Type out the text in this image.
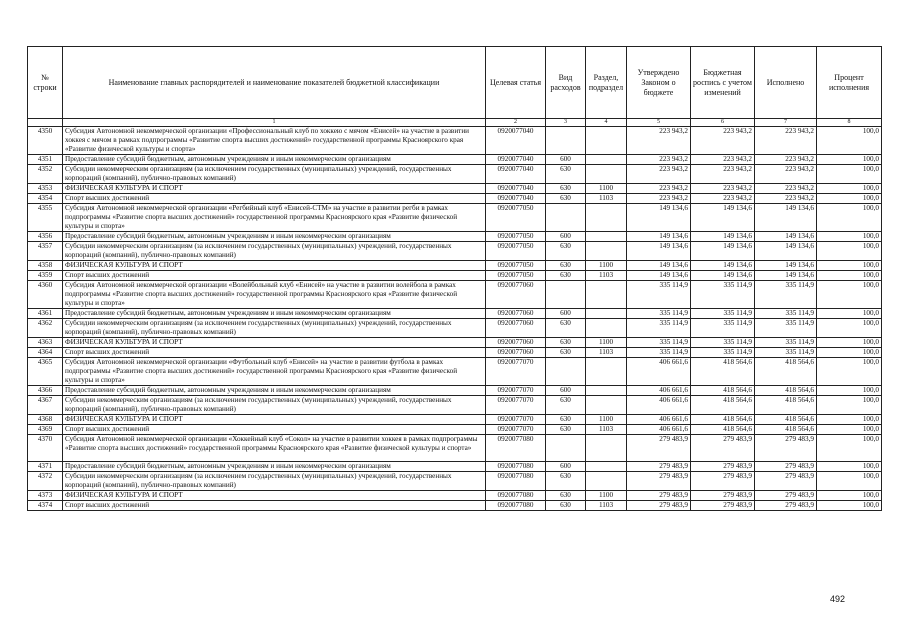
№ строки	Наименование главных распорядителей и наименование показателей бюджетной классификации	Целевая статья	Вид расходов	Раздел, подраздел	Утверждено Законом о бюджете	Бюджетная роспись с учетом изменений	Исполнено	Процент исполнения
	1	2	3	4	5	6	7	8
4350	Субсидия Автономной некоммерческой организации «Профессиональный клуб по хоккею с мячом «Енисей» на участие в развитии хоккея с мячом в рамках подпрограммы «Развитие спорта высших достижений» государственной программы Красноярского края «Развитие физической культуры и спорта»	0920077040			223 943,2	223 943,2	223 943,2	100,0
4351	Предоставление субсидий бюджетным, автономным учреждениям и иным некоммерческим организациям	0920077040	600		223 943,2	223 943,2	223 943,2	100,0
4352	Субсидии некоммерческим организациям (за исключением государственных (муниципальных) учреждений, государственных корпораций (компаний), публично-правовых компаний)	0920077040	630		223 943,2	223 943,2	223 943,2	100,0
4353	ФИЗИЧЕСКАЯ КУЛЬТУРА И СПОРТ	0920077040	630	1100	223 943,2	223 943,2	223 943,2	100,0
4354	Спорт высших достижений	0920077040	630	1103	223 943,2	223 943,2	223 943,2	100,0
4355	Субсидия Автономной некоммерческой организации «Регбийный клуб «Енисей-СТМ» на участие в развитии регби в рамках подпрограммы «Развитие спорта высших достижений» государственной программы Красноярского края «Развитие физической культуры и спорта»	0920077050			149 134,6	149 134,6	149 134,6	100,0
4356	Предоставление субсидий бюджетным, автономным учреждениям и иным некоммерческим организациям	0920077050	600		149 134,6	149 134,6	149 134,6	100,0
4357	Субсидии некоммерческим организациям (за исключением государственных (муниципальных) учреждений, государственных корпораций (компаний), публично-правовых компаний)	0920077050	630		149 134,6	149 134,6	149 134,6	100,0
4358	ФИЗИЧЕСКАЯ КУЛЬТУРА И СПОРТ	0920077050	630	1100	149 134,6	149 134,6	149 134,6	100,0
4359	Спорт высших достижений	0920077050	630	1103	149 134,6	149 134,6	149 134,6	100,0
4360	Субсидия Автономной некоммерческой организации «Волейбольный клуб «Енисей» на участие в развитии волейбола в рамках подпрограммы «Развитие спорта высших достижений» государственной программы Красноярского края «Развитие физической культуры и спорта»	0920077060			335 114,9	335 114,9	335 114,9	100,0
4361	Предоставление субсидий бюджетным, автономным учреждениям и иным некоммерческим организациям	0920077060	600		335 114,9	335 114,9	335 114,9	100,0
4362	Субсидии некоммерческим организациям (за исключением государственных (муниципальных) учреждений, государственных корпораций (компаний), публично-правовых компаний)	0920077060	630		335 114,9	335 114,9	335 114,9	100,0
4363	ФИЗИЧЕСКАЯ КУЛЬТУРА И СПОРТ	0920077060	630	1100	335 114,9	335 114,9	335 114,9	100,0
4364	Спорт высших достижений	0920077060	630	1103	335 114,9	335 114,9	335 114,9	100,0
4365	Субсидия Автономной некоммерческой организации «Футбольный клуб «Енисей» на участие в развитии футбола в рамках подпрограммы «Развитие спорта высших достижений» государственной программы Красноярского края «Развитие физической культуры и спорта»	0920077070			406 661,6	418 564,6	418 564,6	100,0
4366	Предоставление субсидий бюджетным, автономным учреждениям и иным некоммерческим организациям	0920077070	600		406 661,6	418 564,6	418 564,6	100,0
4367	Субсидии некоммерческим организациям (за исключением государственных (муниципальных) учреждений, государственных корпораций (компаний), публично-правовых компаний)	0920077070	630		406 661,6	418 564,6	418 564,6	100,0
4368	ФИЗИЧЕСКАЯ КУЛЬТУРА И СПОРТ	0920077070	630	1100	406 661,6	418 564,6	418 564,6	100,0
4369	Спорт высших достижений	0920077070	630	1103	406 661,6	418 564,6	418 564,6	100,0
4370	Субсидия Автономной некоммерческой организации «Хоккейный клуб «Сокол» на участие в развитии хоккея в рамках подпрограммы «Развитие спорта высших достижений» государственной программы Красноярского края «Развитие физической культуры и спорта»	0920077080			279 483,9	279 483,9	279 483,9	100,0
4371	Предоставление субсидий бюджетным, автономным учреждениям и иным некоммерческим организациям	0920077080	600		279 483,9	279 483,9	279 483,9	100,0
4372	Субсидии некоммерческим организациям (за исключением государственных (муниципальных) учреждений, государственных корпораций (компаний), публично-правовых компаний)	0920077080	630		279 483,9	279 483,9	279 483,9	100,0
4373	ФИЗИЧЕСКАЯ КУЛЬТУРА И СПОРТ	0920077080	630	1100	279 483,9	279 483,9	279 483,9	100,0
4374	Спорт высших достижений	0920077080	630	1103	279 483,9	279 483,9	279 483,9	100,0
492
